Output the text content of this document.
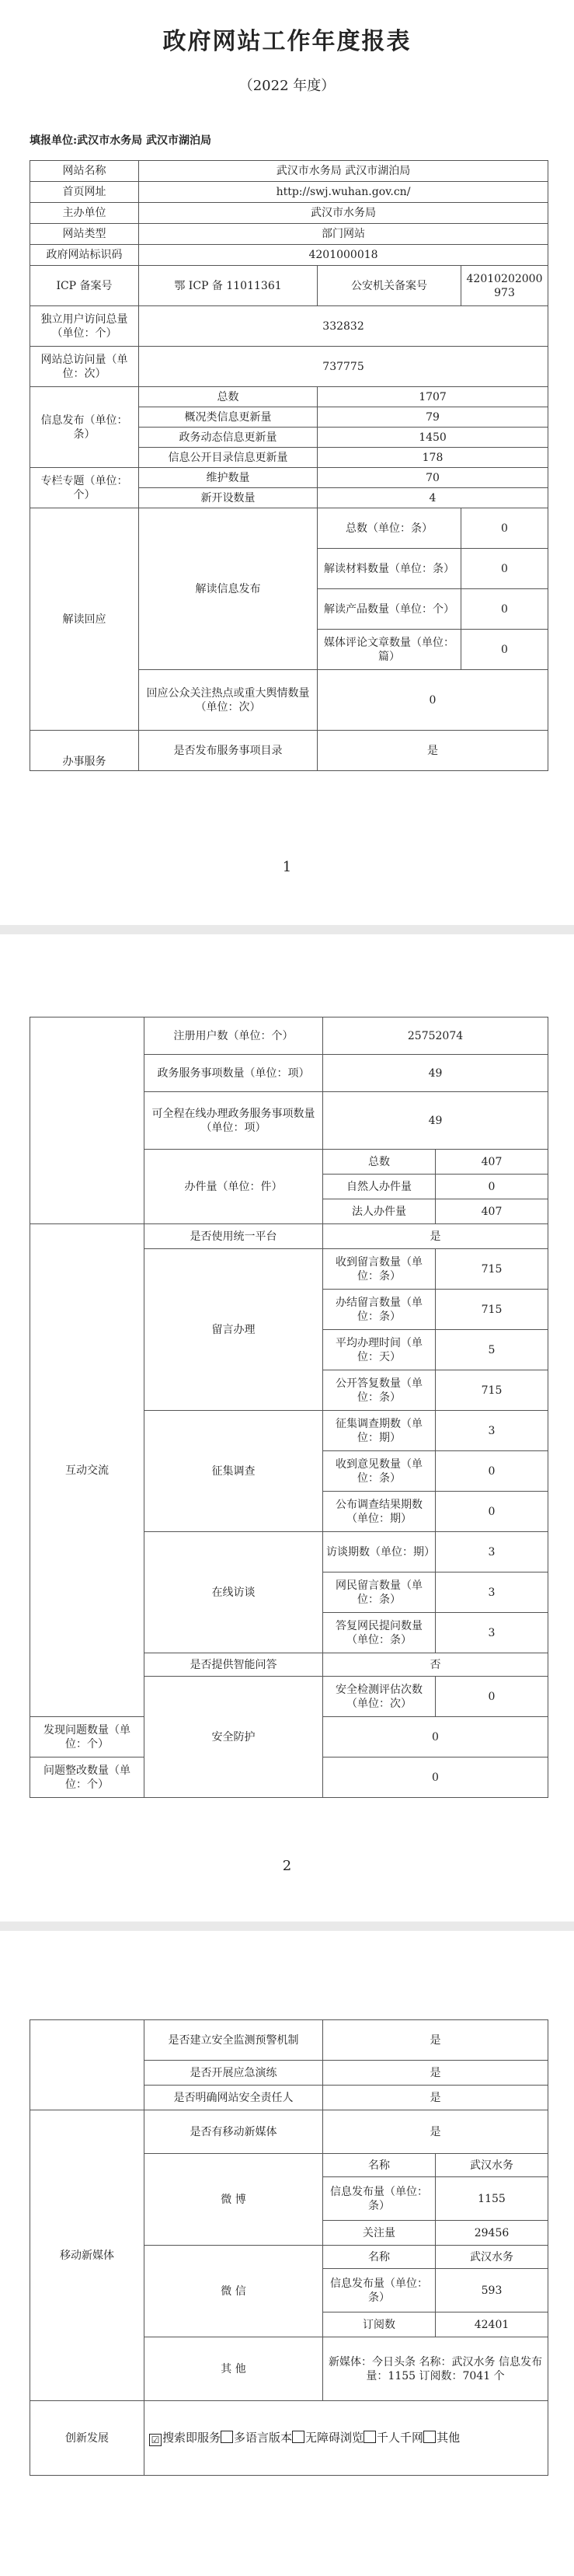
政府网站工作年度报表
（2022 年度）
填报单位:武汉市水务局 武汉市湖泊局
网站名称	武汉市水务局 武汉市湖泊局		
首页网址	http://swj.wuhan.gov.cn/		
主办单位	武汉市水务局		
网站类型	部门网站		
政府网站标识码	4201000018		
ICP 备案号	鄂 ICP 备 11011361	公安机关备案号	42010202000973
独立用户访问总量（单位：个）	332832		
网站总访问量（单位：次）	737775		
信息发布（单位：条）	总数	1707	
	概况类信息更新量	79	
	政务动态信息更新量	1450	
	信息公开目录信息更新量	178	
专栏专题（单位：个）	维护数量	70	
	新开设数量	4	
解读回应	解读信息发布	总数（单位：条）	0
		解读材料数量（单位：条）	0
		解读产品数量（单位：个）	0
		媒体评论文章数量（单位：篇）	0
	回应公众关注热点或重大舆情数量（单位：次）	0	
办事服务	是否发布服务事项目录	是	
1
	注册用户数（单位：个）	25752074	
	政务服务事项数量（单位：项）	49	
	可全程在线办理政务服务事项数量（单位：项）	49	
	办件量（单位：件）	总数	407
		自然人办件量	0
		法人办件量	407
互动交流	是否使用统一平台	是	
	留言办理	收到留言数量（单位：条）	715
		办结留言数量（单位：条）	715
		平均办理时间（单位：天）	5
		公开答复数量（单位：条）	715
	征集调查	征集调查期数（单位：期）	3
		收到意见数量（单位：条）	0
		公布调查结果期数（单位：期）	0
	在线访谈	访谈期数（单位：期）	3
		网民留言数量（单位：条）	3
		答复网民提问数量（单位：条）	3
	是否提供智能问答	否	
	安全防护	安全检测评估次数（单位：次）	0
发现问题数量（单位：个）		0	
问题整改数量（单位：个）		0	
2
	是否建立安全监测预警机制	是	
	是否开展应急演练	是	
	是否明确网站安全责任人	是	
移动新媒体	是否有移动新媒体	是	
	微 博	名称	武汉水务
		信息发布量（单位：条）	1155
		关注量	29456
	微 信	名称	武汉水务
		信息发布量（单位：条）	593
		订阅数	42401
	其 他	新媒体：今日头条 名称：武汉水务 信息发布量：1155 订阅数：7041 个	
创新发展	☑ 搜索即服务 多语言版本 无障碍浏览 千人千网 其他		
